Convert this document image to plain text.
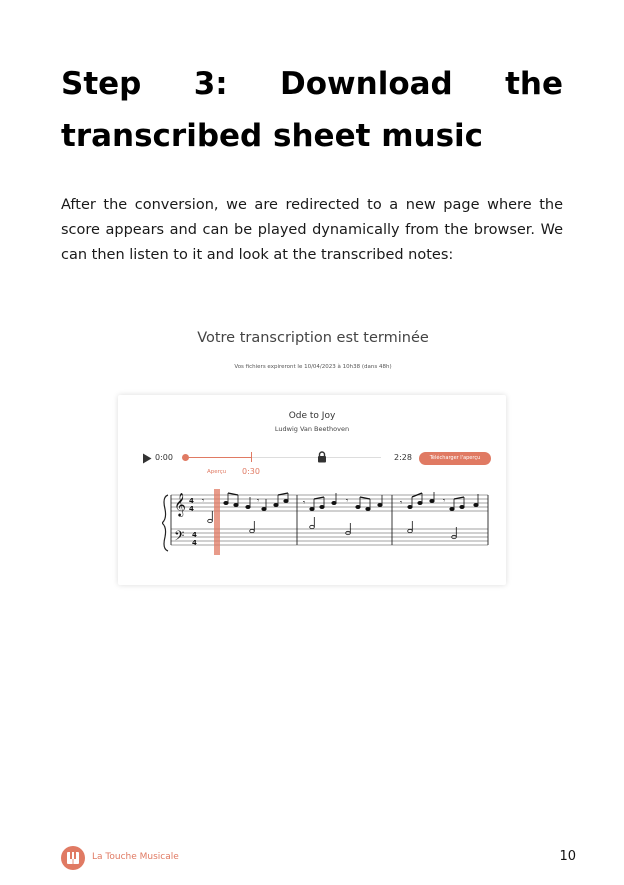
Step 3: Download the
transcribed sheet music
After the conversion, we are redirected to a new page where the score appears and can be played dynamically from the browser. We can then listen to it and look at the transcribed notes:
Votre transcription est terminée
Vos fichiers expireront le 10/04/2023 à 10h38 (dans 48h)
Ode to Joy
Ludwig Van Beethoven
0:00	2:28	Télécharger l'aperçu
Aperçu 0:30
𝄞
𝄢
4
4
4
4
𝄾	𝄾	𝄾	𝄾	𝄾	𝄾
La Touche Musicale	10
